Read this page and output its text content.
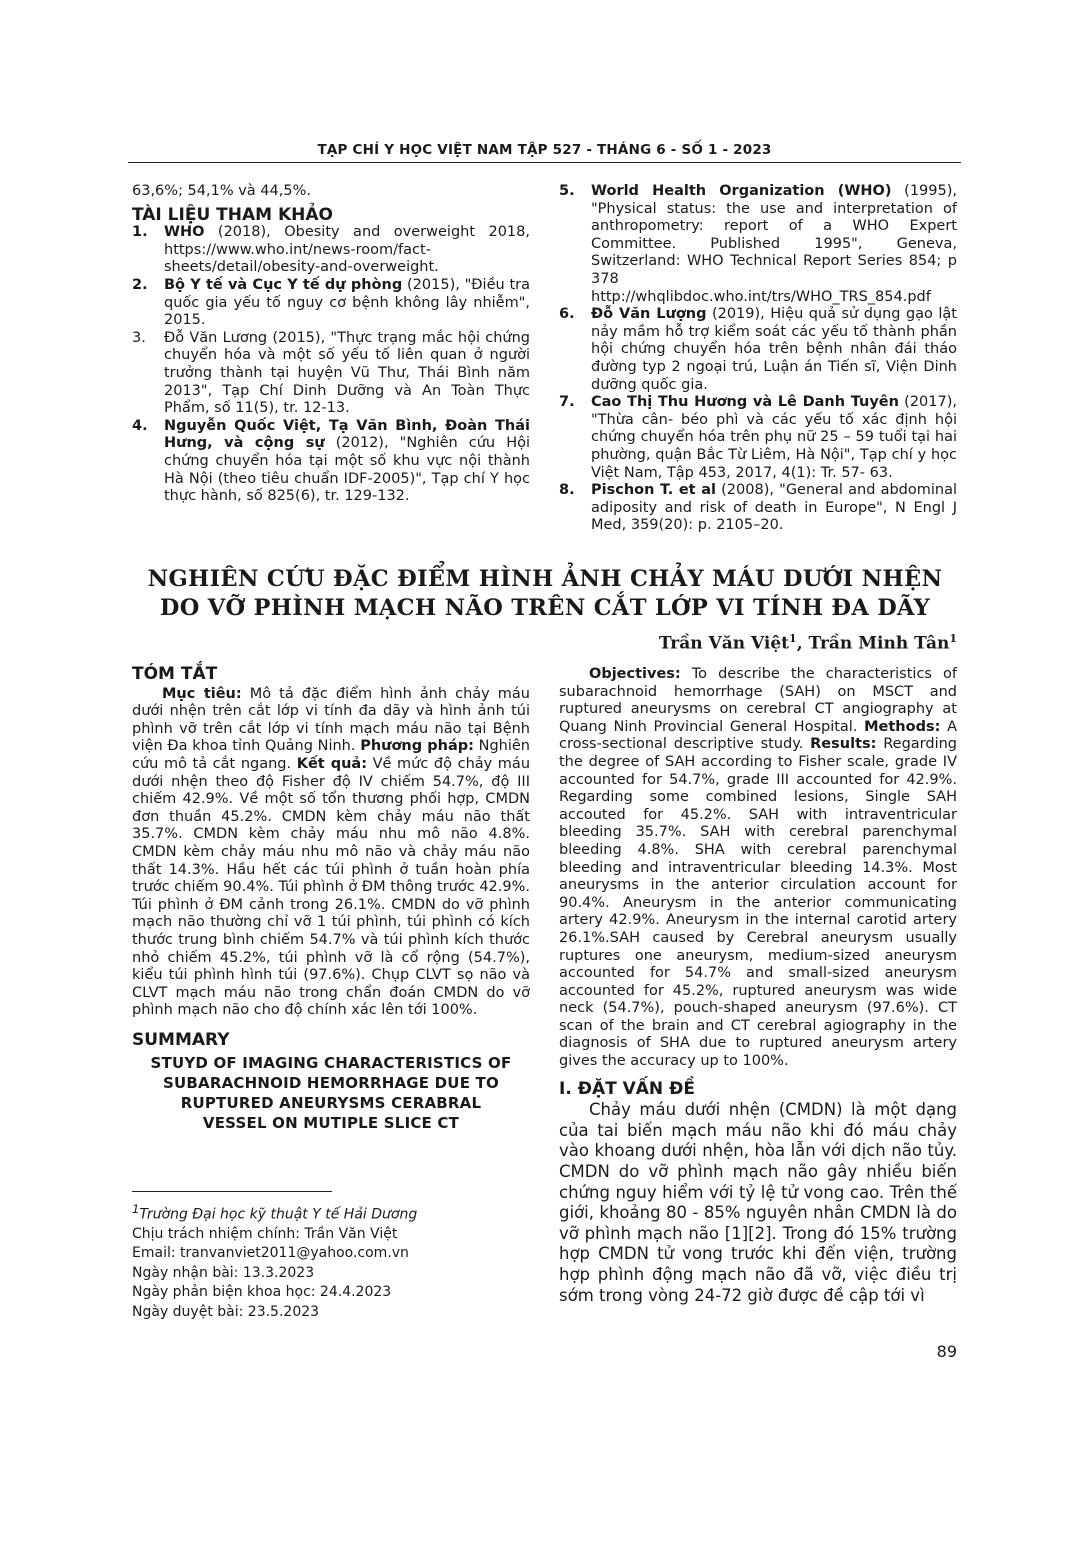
TẠP CHÍ Y HỌC VIỆT NAM TẬP 527 - THÁNG 6 - SỐ 1 - 2023

63,6%; 54,1% và 44,5%.

TÀI LIỆU THAM KHẢO

1. WHO (2018), Obesity and overweight 2018, https://www.who.int/news-room/fact-sheets/detail/obesity-and-overweight.
2. Bộ Y tế và Cục Y tế dự phòng (2015), "Điều tra quốc gia yếu tố nguy cơ bệnh không lây nhiễm", 2015.
3. Đỗ Văn Lương (2015), "Thực trạng mắc hội chứng chuyển hóa và một số yếu tố liên quan ở người trưởng thành tại huyện Vũ Thư, Thái Bình năm 2013", Tạp Chí Dinh Dưỡng và An Toàn Thực Phẩm, số 11(5), tr. 12-13.
4. Nguyễn Quốc Việt, Tạ Văn Bình, Đoàn Thái Hưng, và cộng sự (2012), "Nghiên cứu Hội chứng chuyển hóa tại một số khu vực nội thành Hà Nội (theo tiêu chuẩn IDF-2005)", Tạp chí Y học thực hành, số 825(6), tr. 129-132.
5. World Health Organization (WHO) (1995), "Physical status: the use and interpretation of anthropometry: report of a WHO Expert Committee. Published 1995", Geneva, Switzerland: WHO Technical Report Series 854; p 378 http://whqlibdoc.who.int/trs/WHO_TRS_854.pdf
6. Đỗ Văn Lượng (2019), Hiệu quả sử dụng gạo lật nảy mầm hỗ trợ kiểm soát các yếu tố thành phần hội chứng chuyển hóa trên bệnh nhân đái tháo đường typ 2 ngoại trú, Luận án Tiến sĩ, Viện Dinh dưỡng quốc gia.
7. Cao Thị Thu Hương và Lê Danh Tuyên (2017), "Thừa cân- béo phì và các yếu tố xác định hội chứng chuyển hóa trên phụ nữ 25 – 59 tuổi tại hai phường, quận Bắc Từ Liêm, Hà Nội", Tạp chí y học Việt Nam, Tập 453, 2017, 4(1): Tr. 57- 63.
8. Pischon T. et al (2008), "General and abdominal adiposity and risk of death in Europe", N Engl J Med, 359(20): p. 2105–20.
NGHIÊN CỨU ĐẶC ĐIỂM HÌNH ẢNH CHẢY MÁU DƯỚI NHỆN
DO VỠ PHÌNH MẠCH NÃO TRÊN CẮT LỚP VI TÍNH ĐA DÃY
Trần Văn Việt$^1$, Trần Minh Tân$^1$

TÓM TẮT

Mục tiêu: Mô tả đặc điểm hình ảnh chảy máu dưới nhện trên cắt lớp vi tính đa dãy và hình ảnh túi phình vỡ trên cắt lớp vi tính mạch máu não tại Bệnh viện Đa khoa tỉnh Quảng Ninh. Phương pháp: Nghiên cứu mô tả cắt ngang. Kết quả: Về mức độ chảy máu dưới nhện theo độ Fisher độ IV chiếm 54.7%, độ III chiếm 42.9%. Về một số tổn thương phối hợp, CMDN đơn thuần 45.2%. CMDN kèm chảy máu não thất 35.7%. CMDN kèm chảy máu nhu mô não 4.8%. CMDN kèm chảy máu nhu mô não và chảy máu não thất 14.3%. Hầu hết các túi phình ở tuần hoàn phía trước chiếm 90.4%. Túi phình ở ĐM thông trước 42.9%. Túi phình ở ĐM cảnh trong 26.1%. CMDN do vỡ phình mạch não thường chỉ vỡ 1 túi phình, túi phình có kích thước trung bình chiếm 54.7% và túi phình kích thước nhỏ chiếm 45.2%, túi phình vỡ là cổ rộng (54.7%), kiểu túi phình hình túi (97.6%). Chụp CLVT sọ não và CLVT mạch máu não trong chẩn đoán CMDN do vỡ phình mạch não cho độ chính xác lên tới 100%.

SUMMARY

STUYD OF IMAGING CHARACTERISTICS OF

SUBARACHNOID HEMORRHAGE DUE TO

RUPTURED ANEURYSMS CERABRAL

VESSEL ON MUTIPLE SLICE CT

$^1$Trường Đại học kỹ thuật Y tế Hải Dương
Chịu trách nhiệm chính: Trần Văn Việt
Email: tranvanviet2011@yahoo.com.vn
Ngày nhận bài: 13.3.2023
Ngày phản biện khoa học: 24.4.2023
Ngày duyệt bài: 23.5.2023

Objectives: To describe the characteristics of subarachnoid hemorrhage (SAH) on MSCT and ruptured aneurysms on cerebral CT angiography at Quang Ninh Provincial General Hospital. Methods: A cross-sectional descriptive study. Results: Regarding the degree of SAH according to Fisher scale, grade IV accounted for 54.7%, grade III accounted for 42.9%. Regarding some combined lesions, Single SAH accouted for 45.2%. SAH with intraventricular bleeding 35.7%. SAH with cerebral parenchymal bleeding 4.8%. SHA with cerebral parenchymal bleeding and intraventricular bleeding 14.3%. Most aneurysms in the anterior circulation account for 90.4%. Aneurysm in the anterior communicating artery 42.9%. Aneurysm in the internal carotid artery 26.1%.SAH caused by Cerebral aneurysm usually ruptures one aneurysm, medium-sized aneurysm accounted for 54.7% and small-sized aneurysm accounted for 45.2%, ruptured aneurysm was wide neck (54.7%), pouch-shaped aneurysm (97.6%). CT scan of the brain and CT cerebral agiography in the diagnosis of SHA due to ruptured aneurysm artery gives the accuracy up to 100%.

I. ĐẶT VẤN ĐỀ

Chảy máu dưới nhện (CMDN) là một dạng của tai biến mạch máu não khi đó máu chảy vào khoang dưới nhện, hòa lẫn với dịch não tủy. CMDN do vỡ phình mạch não gây nhiều biến chứng nguy hiểm với tỷ lệ tử vong cao. Trên thế giới, khoảng 80 - 85% nguyên nhân CMDN là do vỡ phình mạch não [1][2]. Trong đó 15% trường hợp CMDN tử vong trước khi đến viện, trường hợp phình động mạch não đã vỡ, việc điều trị sớm trong vòng 24-72 giờ được đề cập tới vì

89
